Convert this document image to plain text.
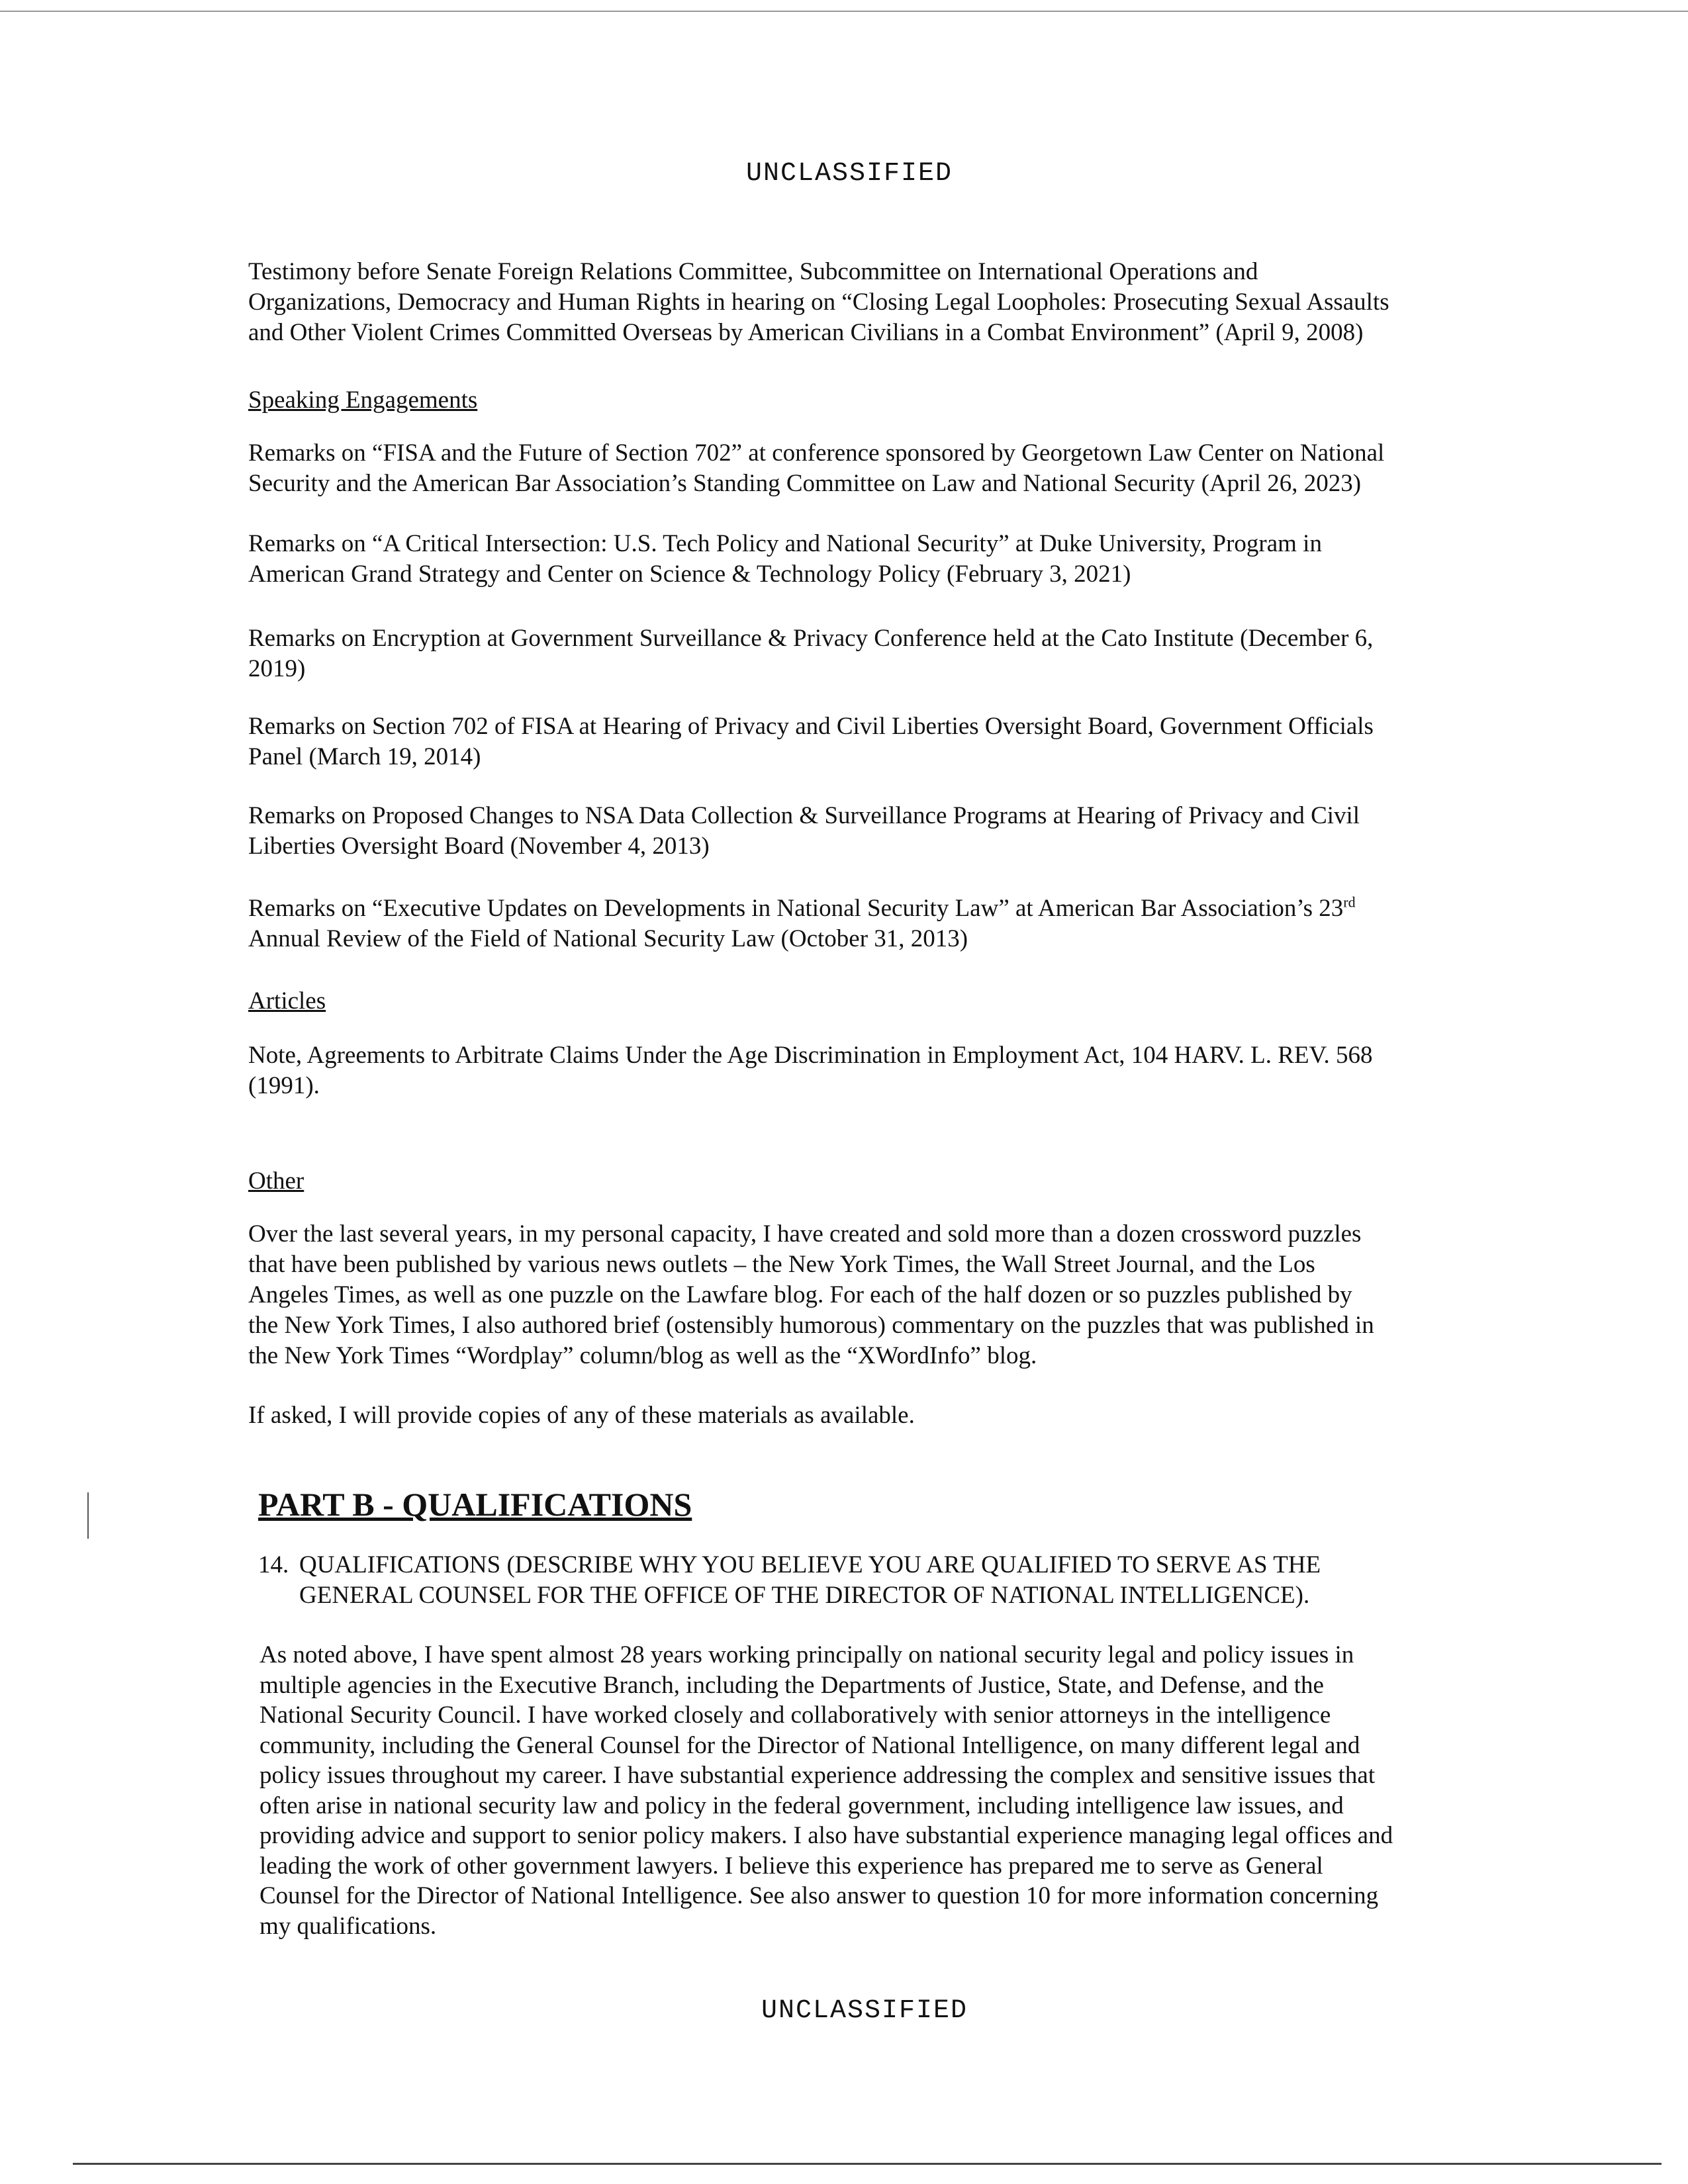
UNCLASSIFIED
Testimony before Senate Foreign Relations Committee, Subcommittee on International Operations and
Organizations, Democracy and Human Rights in hearing on “Closing Legal Loopholes: Prosecuting Sexual Assaults
and Other Violent Crimes Committed Overseas by American Civilians in a Combat Environment” (April 9, 2008)
Speaking Engagements
Remarks on “FISA and the Future of Section 702” at conference sponsored by Georgetown Law Center on National
Security and the American Bar Association’s Standing Committee on Law and National Security (April 26, 2023)
Remarks on “A Critical Intersection: U.S. Tech Policy and National Security” at Duke University, Program in
American Grand Strategy and Center on Science & Technology Policy (February 3, 2021)
Remarks on Encryption at Government Surveillance & Privacy Conference held at the Cato Institute (December 6,
2019)
Remarks on Section 702 of FISA at Hearing of Privacy and Civil Liberties Oversight Board, Government Officials
Panel (March 19, 2014)
Remarks on Proposed Changes to NSA Data Collection & Surveillance Programs at Hearing of Privacy and Civil
Liberties Oversight Board (November 4, 2013)
Remarks on “Executive Updates on Developments in National Security Law” at American Bar Association’s 23rd
Annual Review of the Field of National Security Law (October 31, 2013)
Articles
Note, Agreements to Arbitrate Claims Under the Age Discrimination in Employment Act, 104 HARV. L. REV. 568
(1991).
Other
Over the last several years, in my personal capacity, I have created and sold more than a dozen crossword puzzles
that have been published by various news outlets – the New York Times, the Wall Street Journal, and the Los
Angeles Times, as well as one puzzle on the Lawfare blog. For each of the half dozen or so puzzles published by
the New York Times, I also authored brief (ostensibly humorous) commentary on the puzzles that was published in
the New York Times “Wordplay” column/blog as well as the “XWordInfo” blog.
If asked, I will provide copies of any of these materials as available.
PART B - QUALIFICATIONS
14. QUALIFICATIONS (DESCRIBE WHY YOU BELIEVE YOU ARE QUALIFIED TO SERVE AS THE
GENERAL COUNSEL FOR THE OFFICE OF THE DIRECTOR OF NATIONAL INTELLIGENCE).
As noted above, I have spent almost 28 years working principally on national security legal and policy issues in
multiple agencies in the Executive Branch, including the Departments of Justice, State, and Defense, and the
National Security Council. I have worked closely and collaboratively with senior attorneys in the intelligence
community, including the General Counsel for the Director of National Intelligence, on many different legal and
policy issues throughout my career. I have substantial experience addressing the complex and sensitive issues that
often arise in national security law and policy in the federal government, including intelligence law issues, and
providing advice and support to senior policy makers. I also have substantial experience managing legal offices and
leading the work of other government lawyers. I believe this experience has prepared me to serve as General
Counsel for the Director of National Intelligence. See also answer to question 10 for more information concerning
my qualifications.
UNCLASSIFIED
